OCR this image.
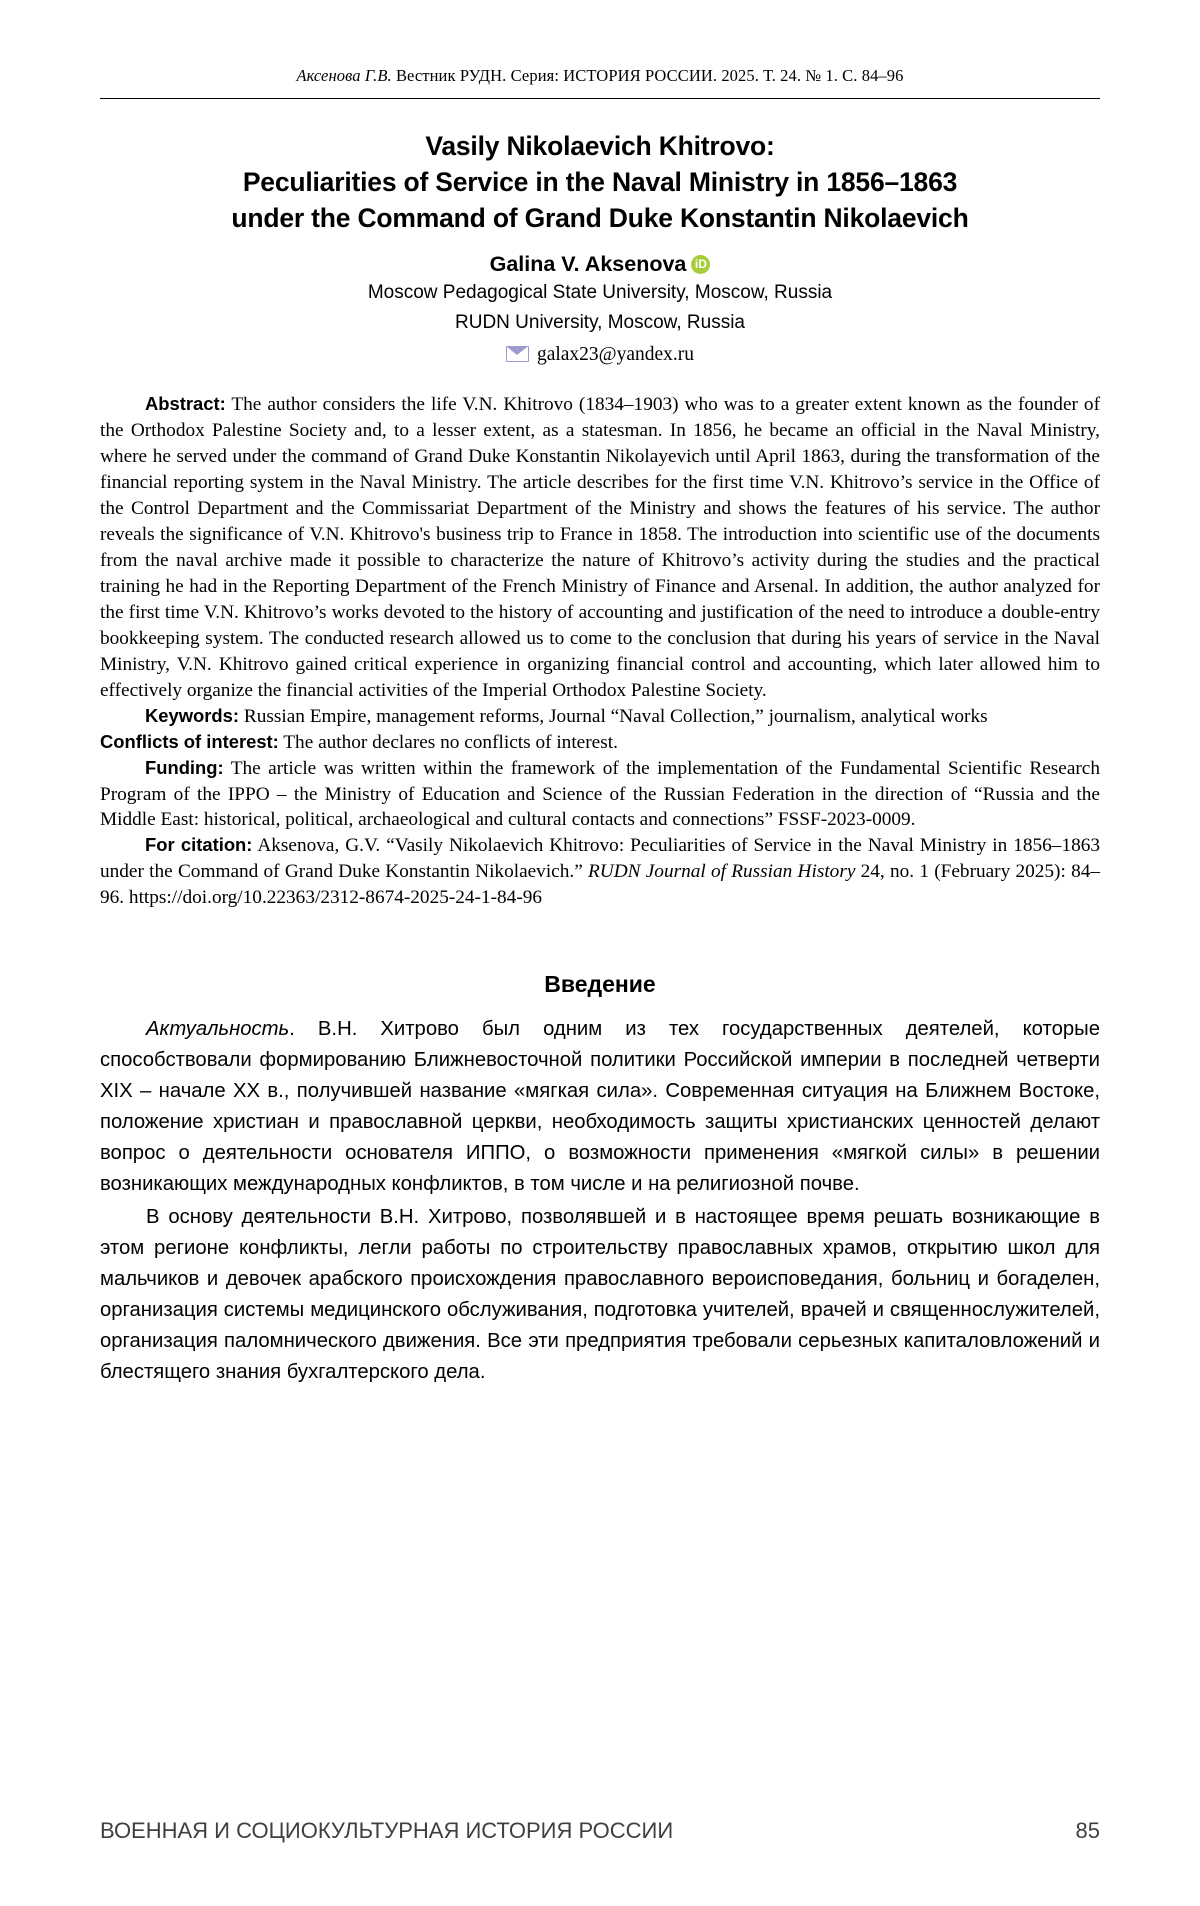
Аксенова Г.В. Вестник РУДН. Серия: ИСТОРИЯ РОССИИ. 2025. Т. 24. № 1. С. 84–96
Vasily Nikolaevich Khitrovo:
Peculiarities of Service in the Naval Ministry in 1856–1863
under the Command of Grand Duke Konstantin Nikolaevich
Galina V. Aksenova iD
Moscow Pedagogical State University, Moscow, Russia
RUDN University, Moscow, Russia
galax23@yandex.ru

Abstract: The author considers the life V.N. Khitrovo (1834–1903) who was to a greater extent known as the founder of the Orthodox Palestine Society and, to a lesser extent, as a statesman. In 1856, he became an official in the Naval Ministry, where he served under the command of Grand Duke Konstantin Nikolayevich until April 1863, during the transformation of the financial reporting system in the Naval Ministry. The article describes for the first time V.N. Khitrovo’s service in the Office of the Control Department and the Commissariat Department of the Ministry and shows the features of his service. The author reveals the significance of V.N. Khitrovo's business trip to France in 1858. The introduction into scientific use of the documents from the naval archive made it possible to characterize the nature of Khitrovo’s activity during the studies and the practical training he had in the Reporting Department of the French Ministry of Finance and Arsenal. In addition, the author analyzed for the first time V.N. Khitrovo’s works devoted to the history of accounting and justification of the need to introduce a double-entry bookkeeping system. The conducted research allowed us to come to the conclusion that during his years of service in the Naval Ministry, V.N. Khitrovo gained critical experience in organizing financial control and accounting, which later allowed him to effectively organize the financial activities of the Imperial Orthodox Palestine Society.

Keywords: Russian Empire, management reforms, Journal “Naval Collection,” journalism, analytical works

Conflicts of interest: The author declares no conflicts of interest.

Funding: The article was written within the framework of the implementation of the Fundamental Scientific Research Program of the IPPO – the Ministry of Education and Science of the Russian Federation in the direction of “Russia and the Middle East: historical, political, archaeological and cultural contacts and connections” FSSF-2023-0009.

For citation: Aksenova, G.V. “Vasily Nikolaevich Khitrovo: Peculiarities of Service in the Naval Ministry in 1856–1863 under the Command of Grand Duke Konstantin Nikolaevich.” RUDN Journal of Russian History 24, no. 1 (February 2025): 84–96. https://doi.org/10.22363/2312-8674-2025-24-1-84-96

Введение

Актуальность. В.Н. Хитрово был одним из тех государственных деятелей, которые способствовали формированию Ближневосточной политики Российской империи в последней четверти XIX – начале XX в., получившей название «мягкая сила». Современная ситуация на Ближнем Востоке, положение христиан и православной церкви, необходимость защиты христианских ценностей делают вопрос о деятельности основателя ИППО, о возможности применения «мягкой силы» в решении возникающих международных конфликтов, в том числе и на религиозной почве.

В основу деятельности В.Н. Хитрово, позволявшей и в настоящее время решать возникающие в этом регионе конфликты, легли работы по строительству православных храмов, открытию школ для мальчиков и девочек арабского происхождения православного вероисповедания, больниц и богаделен, организация системы медицинского обслуживания, подготовка учителей, врачей и священнослужителей, организация паломнического движения. Все эти предприятия требовали серьезных капиталовложений и блестящего знания бухгалтерского дела.

ВОЕННАЯ И СОЦИОКУЛЬТУРНАЯ ИСТОРИЯ РОССИИ	85
